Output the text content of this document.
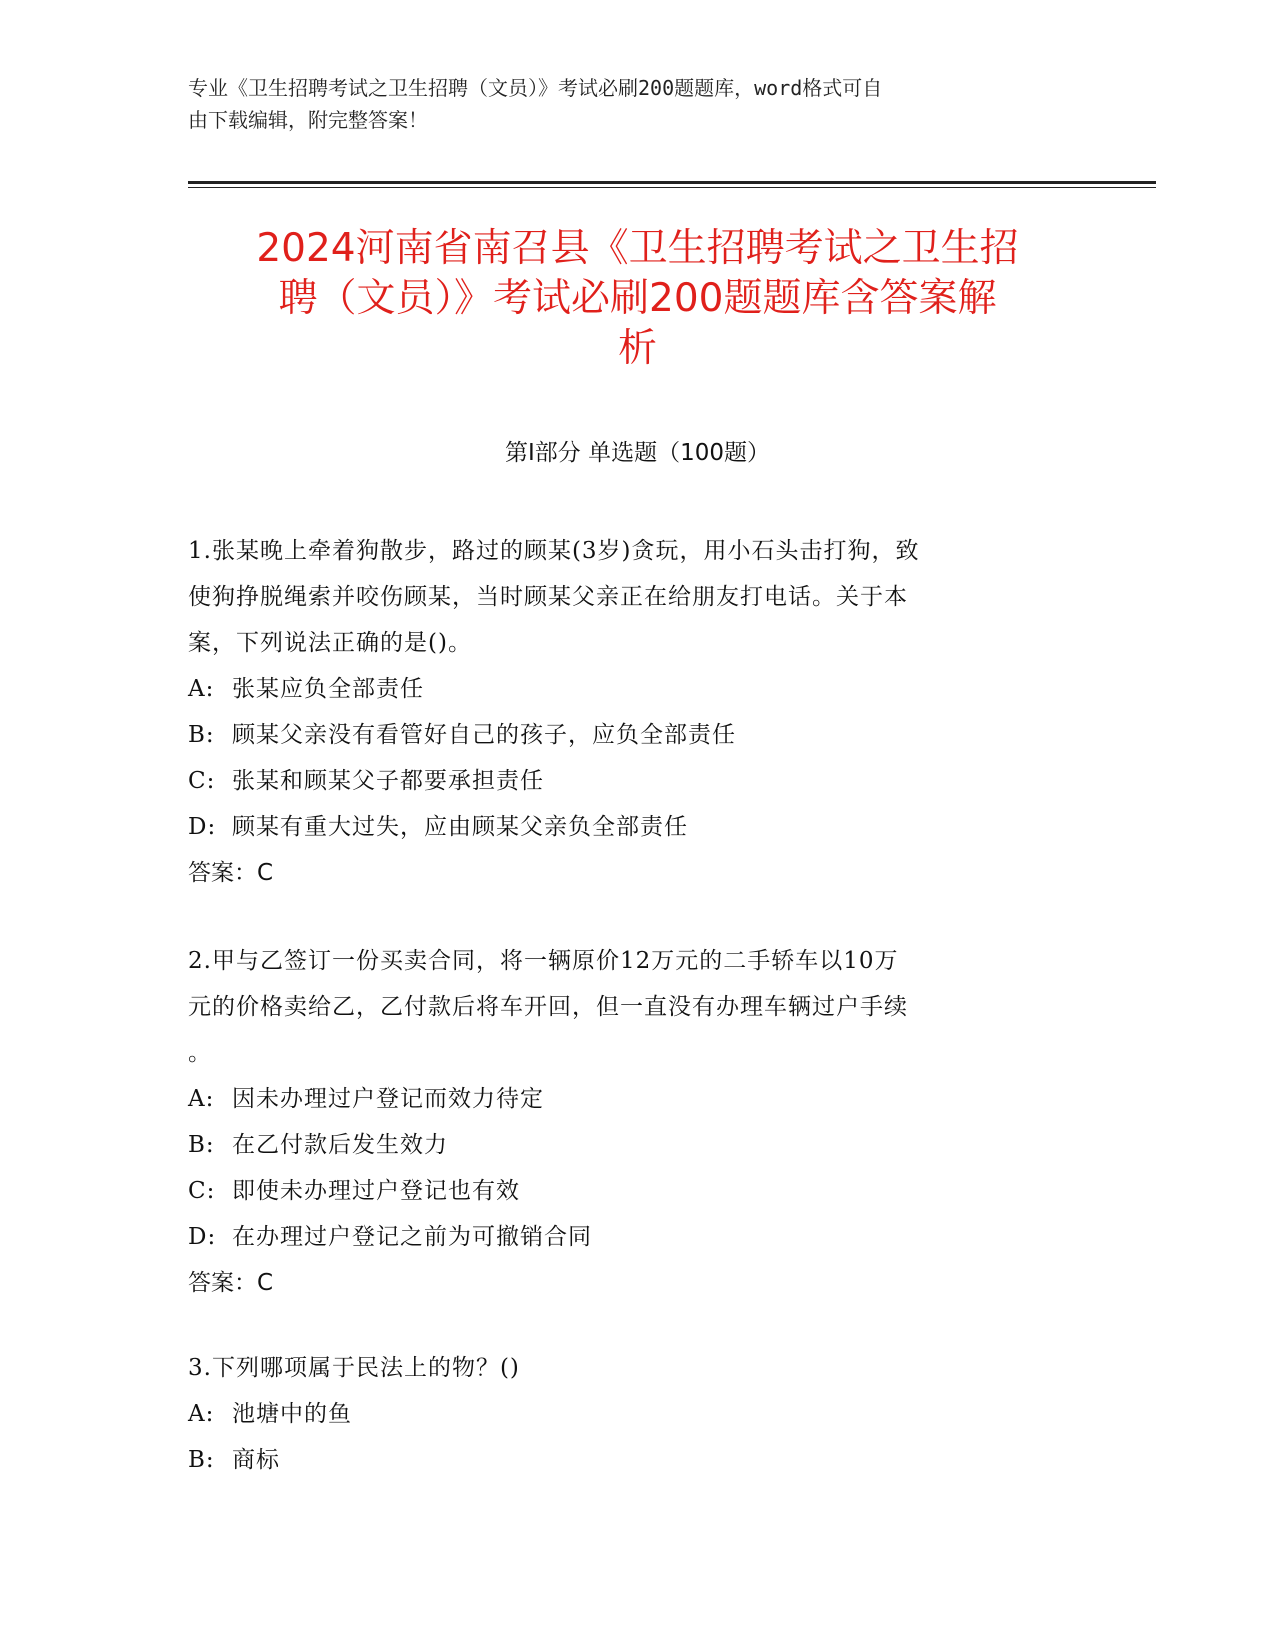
专业《卫生招聘考试之卫生招聘（文员）》考试必刷200题题库，word格式可自
由下载编辑，附完整答案！
2024河南省南召县《卫生招聘考试之卫生招
聘（文员）》考试必刷200题题库含答案解
析
第Ⅰ部分 单选题（100题）

1.张某晚上牵着狗散步，路过的顾某(3岁)贪玩，用小石头击打狗，致

使狗挣脱绳索并咬伤顾某，当时顾某父亲正在给朋友打电话。关于本

案，下列说法正确的是()。

A: 张某应负全部责任
B: 顾某父亲没有看管好自己的孩子，应负全部责任
C: 张某和顾某父子都要承担责任
D: 顾某有重大过失，应由顾某父亲负全部责任

答案：C

2.甲与乙签订一份买卖合同，将一辆原价12万元的二手轿车以10万

元的价格卖给乙，乙付款后将车开回，但一直没有办理车辆过户手续

。

A: 因未办理过户登记而效力待定
B: 在乙付款后发生效力
C: 即使未办理过户登记也有效
D: 在办理过户登记之前为可撤销合同

答案：C

3.下列哪项属于民法上的物？()

A: 池塘中的鱼
B: 商标
